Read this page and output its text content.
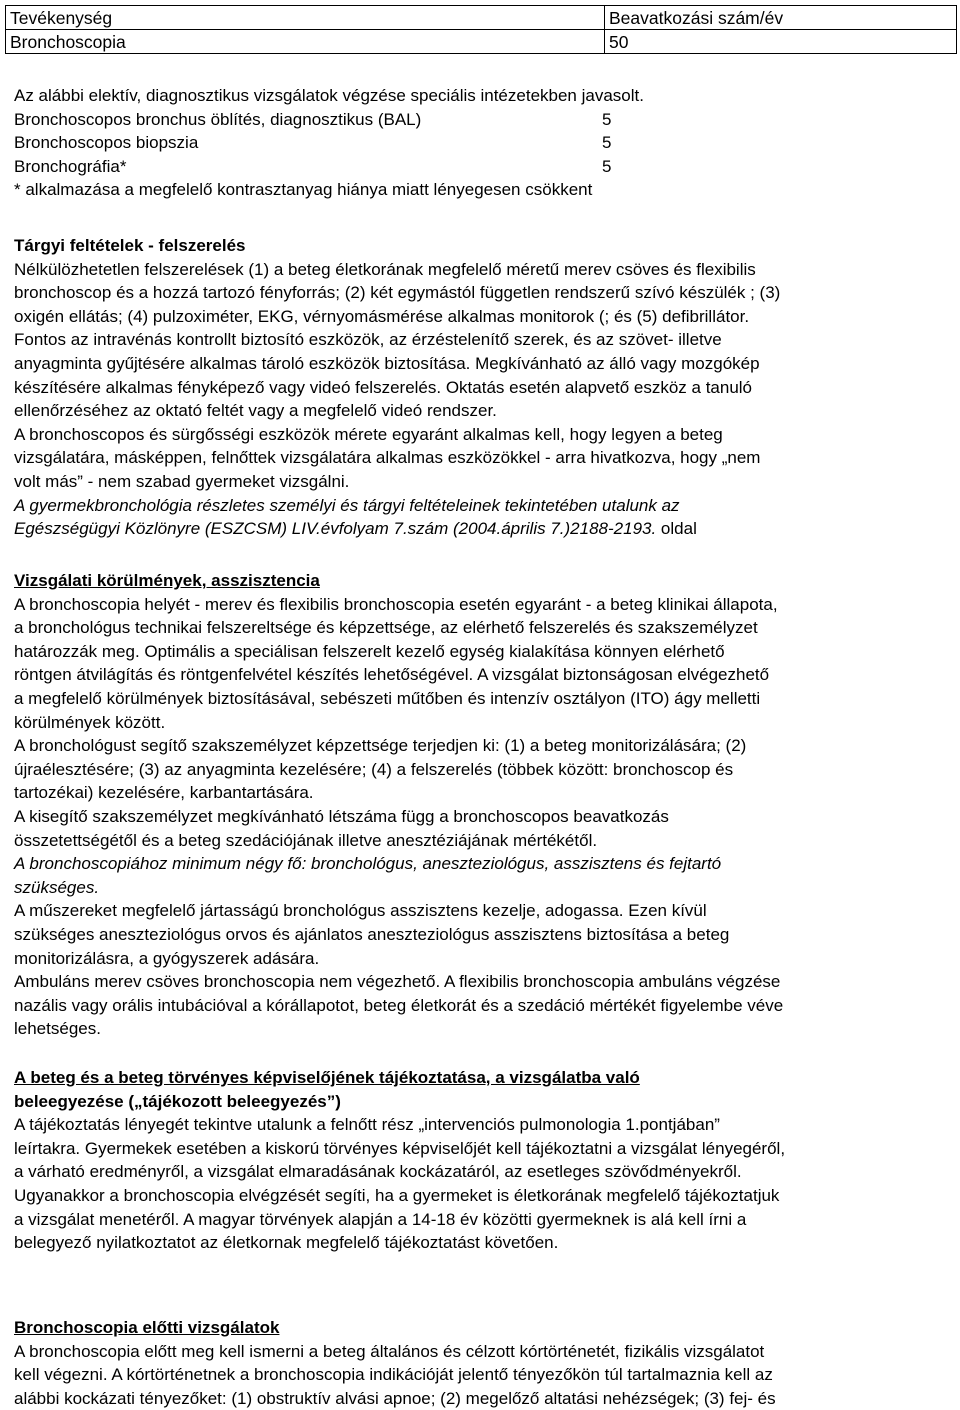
Tevékenység	Beavatkozási szám/év
Bronchoscopia	50
Az alábbi elektív, diagnosztikus vizsgálatok végzése speciális intézetekben javasolt.
Bronchoscopos bronchus öblítés, diagnosztikus (BAL)	5
Bronchoscopos biopszia	5
Bronchográfia*	5
* alkalmazása a megfelelő kontrasztanyag hiánya miatt lényegesen csökkent
Tárgyi feltételek - felszerelés
Nélkülözhetetlen felszerelések (1) a beteg életkorának megfelelő méretű merev csöves és flexibilis
bronchoscop és a hozzá tartozó fényforrás; (2) két egymástól független rendszerű szívó készülék ; (3)
oxigén ellátás; (4) pulzoximéter, EKG, vérnyomásmérése alkalmas monitorok (; és (5) defibrillátor.
Fontos az intravénás kontrollt biztosító eszközök, az érzéstelenítő szerek, és az szövet- illetve
anyagminta gyűjtésére alkalmas tároló eszközök biztosítása. Megkívánható az álló vagy mozgókép
készítésére alkalmas fényképező vagy videó felszerelés. Oktatás esetén alapvető eszköz a tanuló
ellenőrzéséhez az oktató feltét vagy a megfelelő videó rendszer.
A bronchoscopos és sürgősségi eszközök mérete egyaránt alkalmas kell, hogy legyen a beteg
vizsgálatára, másképpen, felnőttek vizsgálatára alkalmas eszközökkel - arra hivatkozva, hogy „nem
volt más” - nem szabad gyermeket vizsgálni.
A gyermekbronchológia részletes személyi és tárgyi feltételeinek tekintetében utalunk az
Egészségügyi Közlönyre (ESZCSM) LIV.évfolyam 7.szám (2004.április 7.)2188-2193. oldal
Vizsgálati körülmények, asszisztencia
A bronchoscopia helyét - merev és flexibilis bronchoscopia esetén egyaránt - a beteg klinikai állapota,
a bronchológus technikai felszereltsége és képzettsége, az elérhető felszerelés és szakszemélyzet
határozzák meg. Optimális a speciálisan felszerelt kezelő egység kialakítása könnyen elérhető
röntgen átvilágítás és röntgenfelvétel készítés lehetőségével. A vizsgálat biztonságosan elvégezhető
a megfelelő körülmények biztosításával, sebészeti műtőben és intenzív osztályon (ITO) ágy melletti
körülmények között.
A bronchológust segítő szakszemélyzet képzettsége terjedjen ki: (1) a beteg monitorizálására; (2)
újraélesztésére; (3) az anyagminta kezelésére; (4) a felszerelés (többek között: bronchoscop és
tartozékai) kezelésére, karbantartására.
A kisegítő szakszemélyzet megkívánható létszáma függ a bronchoscopos beavatkozás
összetettségétől és a beteg szedációjának illetve anesztéziájának mértékétől.
A bronchoscopiához minimum négy fő: bronchológus, aneszteziológus, asszisztens és fejtartó
szükséges.
A műszereket megfelelő jártasságú bronchológus asszisztens kezelje, adogassa. Ezen kívül
szükséges aneszteziológus orvos és ajánlatos aneszteziológus asszisztens biztosítása a beteg
monitorizálásra, a gyógyszerek adására.
Ambuláns merev csöves bronchoscopia nem végezhető. A flexibilis bronchoscopia ambuláns végzése
nazális vagy orális intubációval a kórállapotot, beteg életkorát és a szedáció mértékét figyelembe véve
lehetséges.
A beteg és a beteg törvényes képviselőjének tájékoztatása, a vizsgálatba való
beleegyezése („tájékozott beleegyezés”)
A tájékoztatás lényegét tekintve utalunk a felnőtt rész „intervenciós pulmonologia 1.pontjában”
leírtakra. Gyermekek esetében a kiskorú törvényes képviselőjét kell tájékoztatni a vizsgálat lényegéről,
a várható eredményről, a vizsgálat elmaradásának kockázatáról, az esetleges szövődményekről.
Ugyanakkor a bronchoscopia elvégzését segíti, ha a gyermeket is életkorának megfelelő tájékoztatjuk
a vizsgálat menetéről. A magyar törvények alapján a 14-18 év közötti gyermeknek is alá kell írni a
belegyező nyilatkoztatot az életkornak megfelelő tájékoztatást követően.
Bronchoscopia előtti vizsgálatok
A bronchoscopia előtt meg kell ismerni a beteg általános és célzott kórtörténetét, fizikális vizsgálatot
kell végezni. A kórtörténetnek a bronchoscopia indikációját jelentő tényezőkön túl tartalmaznia kell az
alábbi kockázati tényezőket: (1) obstruktív alvási apnoe; (2) megelőző altatási nehézségek; (3) fej- és
